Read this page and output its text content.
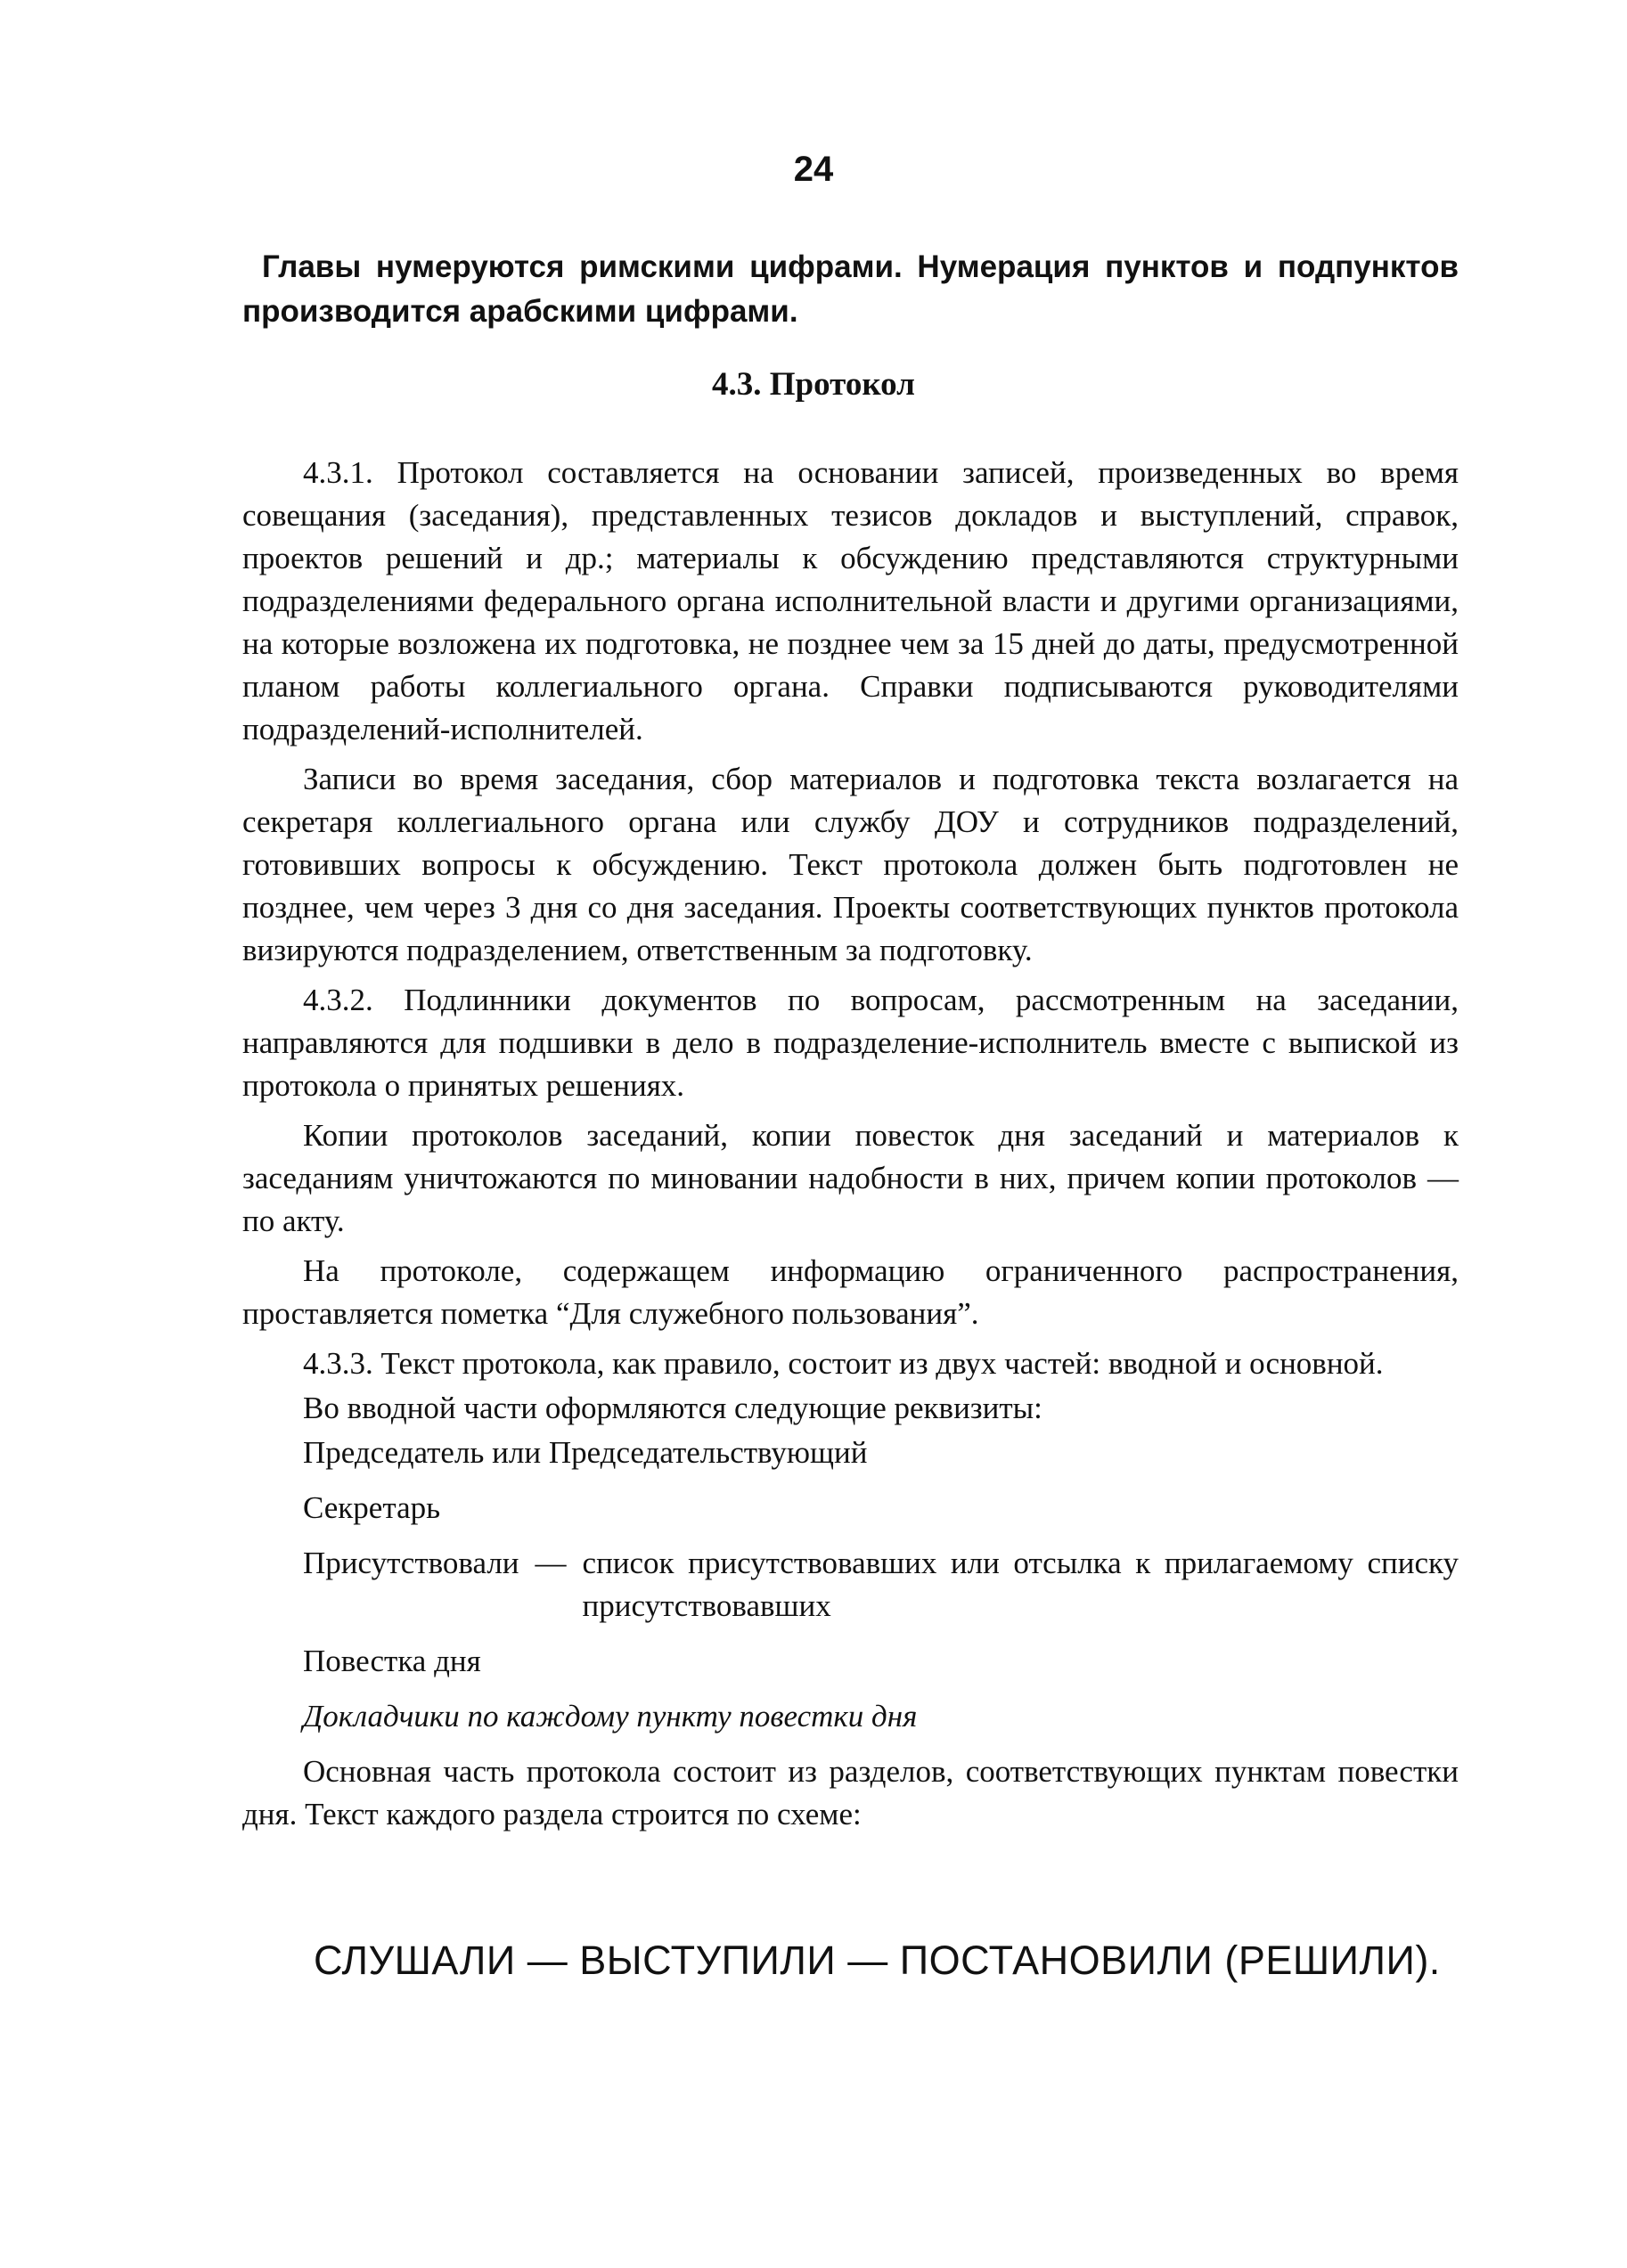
24

Главы нумеруются римскими цифрами. Нумерация пунктов и подпунктов производится арабскими цифрами.

4.3. Протокол

4.3.1. Протокол составляется на основании записей, произведенных во время совещания (заседания), представленных тезисов докладов и выступлений, справок, проектов решений и др.; материалы к обсуждению представляются структурными подразделениями федерального органа исполнительной власти и другими организациями, на которые возложена их подготовка, не позднее чем за 15 дней до даты, предусмотренной планом работы коллегиального органа. Справки подписываются руководителями подразделений-исполнителей.

Записи во время заседания, сбор материалов и подготовка текста возлагается на секретаря коллегиального органа или службу ДОУ и сотрудников подразделений, готовивших вопросы к обсуждению. Текст протокола должен быть подготовлен не позднее, чем через 3 дня со дня заседания. Проекты соответствующих пунктов протокола визируются подразделением, ответственным за подготовку.

4.3.2. Подлинники документов по вопросам, рассмотренным на заседании, направляются для подшивки в дело в подразделение-исполнитель вместе с выпиской из протокола о принятых решениях.

Копии протоколов заседаний, копии повесток дня заседаний и материалов к заседаниям уничтожаются по миновании надобности в них, причем копии протоколов — по акту.

На протоколе, содержащем информацию ограниченного распространения, проставляется пометка “Для служебного пользования”.

4.3.3. Текст протокола, как правило, состоит из двух частей: вводной и основной.

Во вводной части оформляются следующие реквизиты:

Председатель или Председательствующий
Секретарь
Присутствовали — список присутствовавших или отсылка к прилагаемому списку присутствовавших
Повестка дня
Докладчики по каждому пункту повестки дня

Основная часть протокола состоит из разделов, соответствующих пунктам повестки дня. Текст каждого раздела строится по схеме:

СЛУШАЛИ — ВЫСТУПИЛИ — ПОСТАНОВИЛИ (РЕШИЛИ).
